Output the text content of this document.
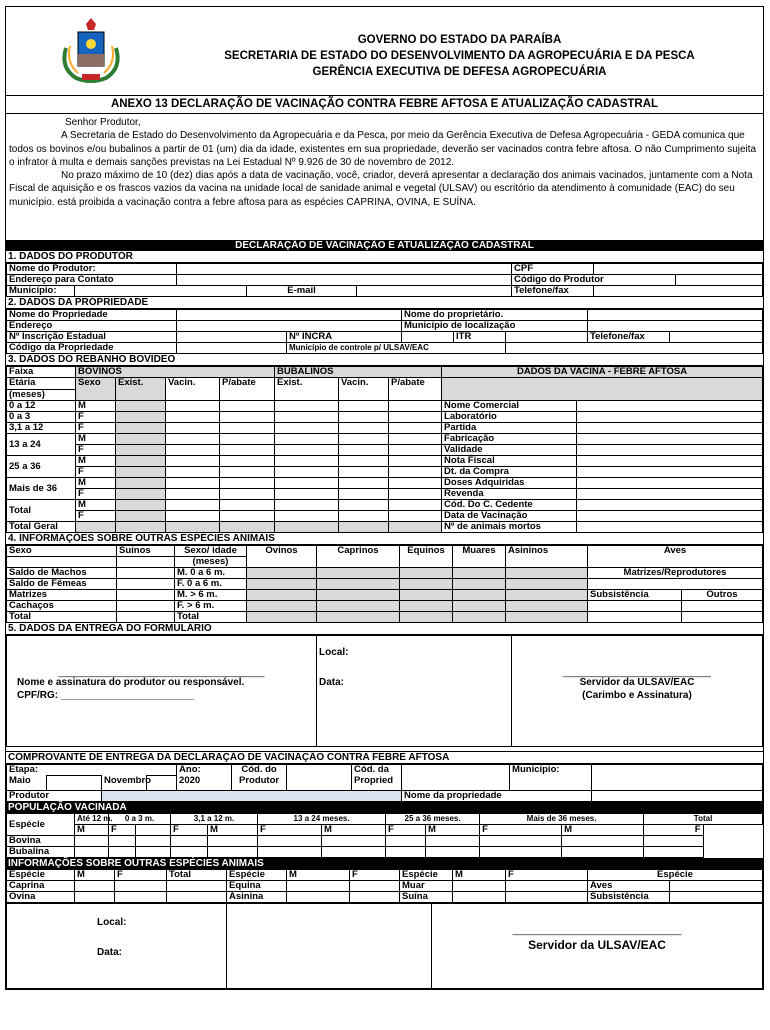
GOVERNO DO ESTADO DA PARAÍBA
SECRETARIA DE ESTADO DO DESENVOLVIMENTO DA AGROPECUÁRIA E DA PESCA
GERÊNCIA EXECUTIVA DE DEFESA AGROPECUÁRIA
ANEXO 13 DECLARAÇÃO DE VACINAÇÃO CONTRA FEBRE AFTOSA E ATUALIZAÇÃO CADASTRAL

Senhor Produtor,

A Secretaria de Estado do Desenvolvimento da Agropecuária e da Pesca, por meio da Gerência Executiva de Defesa Agropecuária - GEDA comunica que todos os bovinos e/ou bubalinos a partir de 01 (um) dia da idade, existentes em sua propriedade, deverão ser vacinados contra febre aftosa. O não Cumprimento sujeita o infrator à multa e demais sanções previstas na Lei Estadual Nº 9.926 de 30 de novembro de 2012.

No prazo máximo de 10 (dez) dias após a data de vacinação, você, criador, deverá apresentar a declaração dos animais vacinados, juntamente com a Nota Fiscal de aquisição e os frascos vazios da vacina na unidade local de sanidade animal e vegetal (ULSAV) ou escritório da atendimento à comunidade (EAC) do seu município. está proibida a vacinação contra a febre aftosa para as espécies CAPRINA, OVINA, E SUÍNA.

DECLARAÇÃO DE VACINAÇÃO E ATUALIZAÇÃO CADASTRAL
1. DADOS DO PRODUTOR
Nome do Produtor:					CPF		
Endereço para Contato					Código do Produtor		
Município:			E-mail		Telefone/fax		
2. DADOS DA PROPRIEDADE
Nome do Propriedade			Nome do proprietário.				
Endereço			Município de localização				
Nº Inscrição Estadual		Nº INCRA		ITR		Telefone/fax	
Código da Propriedade		Município de controle p/ ULSAV/EAC					
3. DADOS DO REBANHO BOVIDEO
Faixa	BOVINOS				BUBALINOS			DADOS DA VACINA - FEBRE AFTOSA	
Etária	Sexo	Exist.	Vacin.	P/abate	Exist.	Vacin.	P/abate		
(meses)									
0 a 12	M							Nome Comercial	
0 a 3	F							Laboratório	
3,1 a 12	F							Partida	
13 a 24	M							Fabricação	
	F							Validade	
25 a 36	M							Nota Fiscal	
	F							Dt. da Compra	
Mais de 36	M							Doses Adquiridas	
	F							Revenda	
Total	M							Cód. Do C. Cedente	
	F							Data de Vacinação	
Total Geral								Nº de animais mortos	
4. INFORMAÇÕES SOBRE OUTRAS ESPÉCIES ANIMAIS
Sexo	Suínos	Sexo/ idade	Ovinos	Caprinos	Equinos	Muares	Asininos	Aves	
		(meses)							
Saldo de Machos		M. 0 a 6 m.						Matrizes/Reprodutores	
Saldo de Fêmeas		F. 0 a 6 m.							
Matrizes		M. > 6 m.						Subsistência	Outros
Cachaços		F. > 6 m.							
Total		Total							
5. DADOS DA ENTREGA DO FORMULÁRIO
_______________________________________
Nome e assinatura do produtor ou responsável.
CPF/RG: ________________________

Local:
Data:

____________________________
Servidor da ULSAV/EAC
(Carimbo e Assinatura)
COMPROVANTE DE ENTREGA DA DECLARAÇÃO DE VACINAÇÃO CONTRA FEBRE AFTOSA
Etapa:				Ano:	Cód. do		Cód. da		Município:	
Maio		Novembro		2020	Produtor		Propried			
Produtor								Nome da propriedade		
POPULAÇÃO VACINADA
Espécie	Até 12 m.	0 a 3 m.		3,1 a 12 m.		13 a 24 meses.		25 a 36 meses.		Mais de 36 meses.		Total
	M	F		F	M	F	M	F	M	F	M	F
Bovina												
Bubalina												
INFORMAÇÕES SOBRE OUTRAS ESPÉCIES ANIMAIS
Espécie	M	F	Total	Espécie	M	F	Espécie	M	F	Espécie	
Caprina				Equina			Muar			Aves	
Ovina				Asinina			Suína			Subsistência	
Local:
Data:

________________________________
Servidor da ULSAV/EAC
